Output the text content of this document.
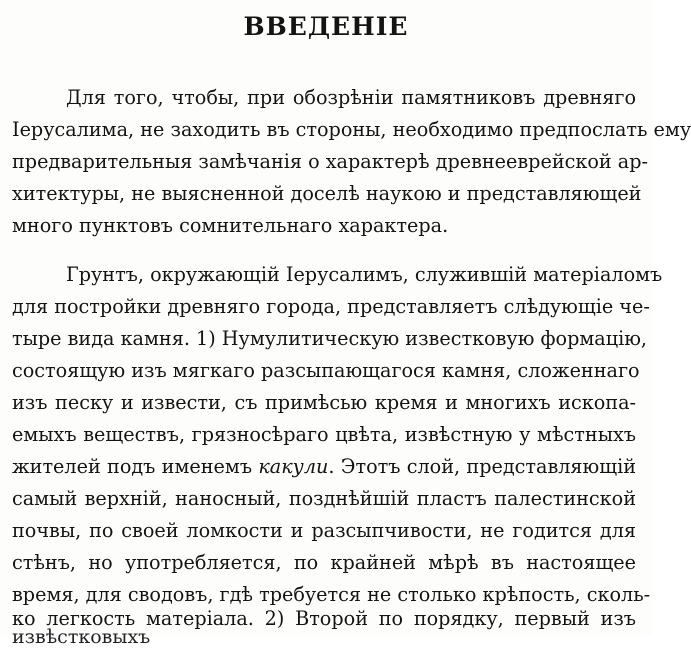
ВВЕДЕНІЕ
Для того, чтобы, при обозрѣніи памятниковъ древняго
Іерусалима, не заходить въ стороны, необходимо предпослать ему
предварительныя замѣчанія о характерѣ древнееврейской ар-
хитектуры, не выясненной доселѣ наукою и представляющей
много пунктовъ сомнительнаго характера.
Грунтъ, окружающій Іерусалимъ, служившій матеріаломъ
для постройки древняго города, представляетъ слѣдующіе че-
тыре вида камня. 1) Нумулитическую известковую формацію,
состоящую изъ мягкаго разсыпающагося камня, сложеннаго
изъ песку и извести, съ примѣсью кремя и многихъ ископа-
емыхъ веществъ, грязносѣраго цвѣта, извѣстную у мѣстныхъ
жителей подъ именемъ какули. Этотъ слой, представляющій
самый верхній, наносный, позднѣйшій пластъ палестинской
почвы, по своей ломкости и разсыпчивости, не годится для
стѣнъ, но употребляется, по крайней мѣрѣ въ настоящее
время, для сводовъ, гдѣ требуется не столько крѣпость, сколь-
ко легкость матеріала. 2) Второй по порядку, первый изъ
извѣстковыхъ
